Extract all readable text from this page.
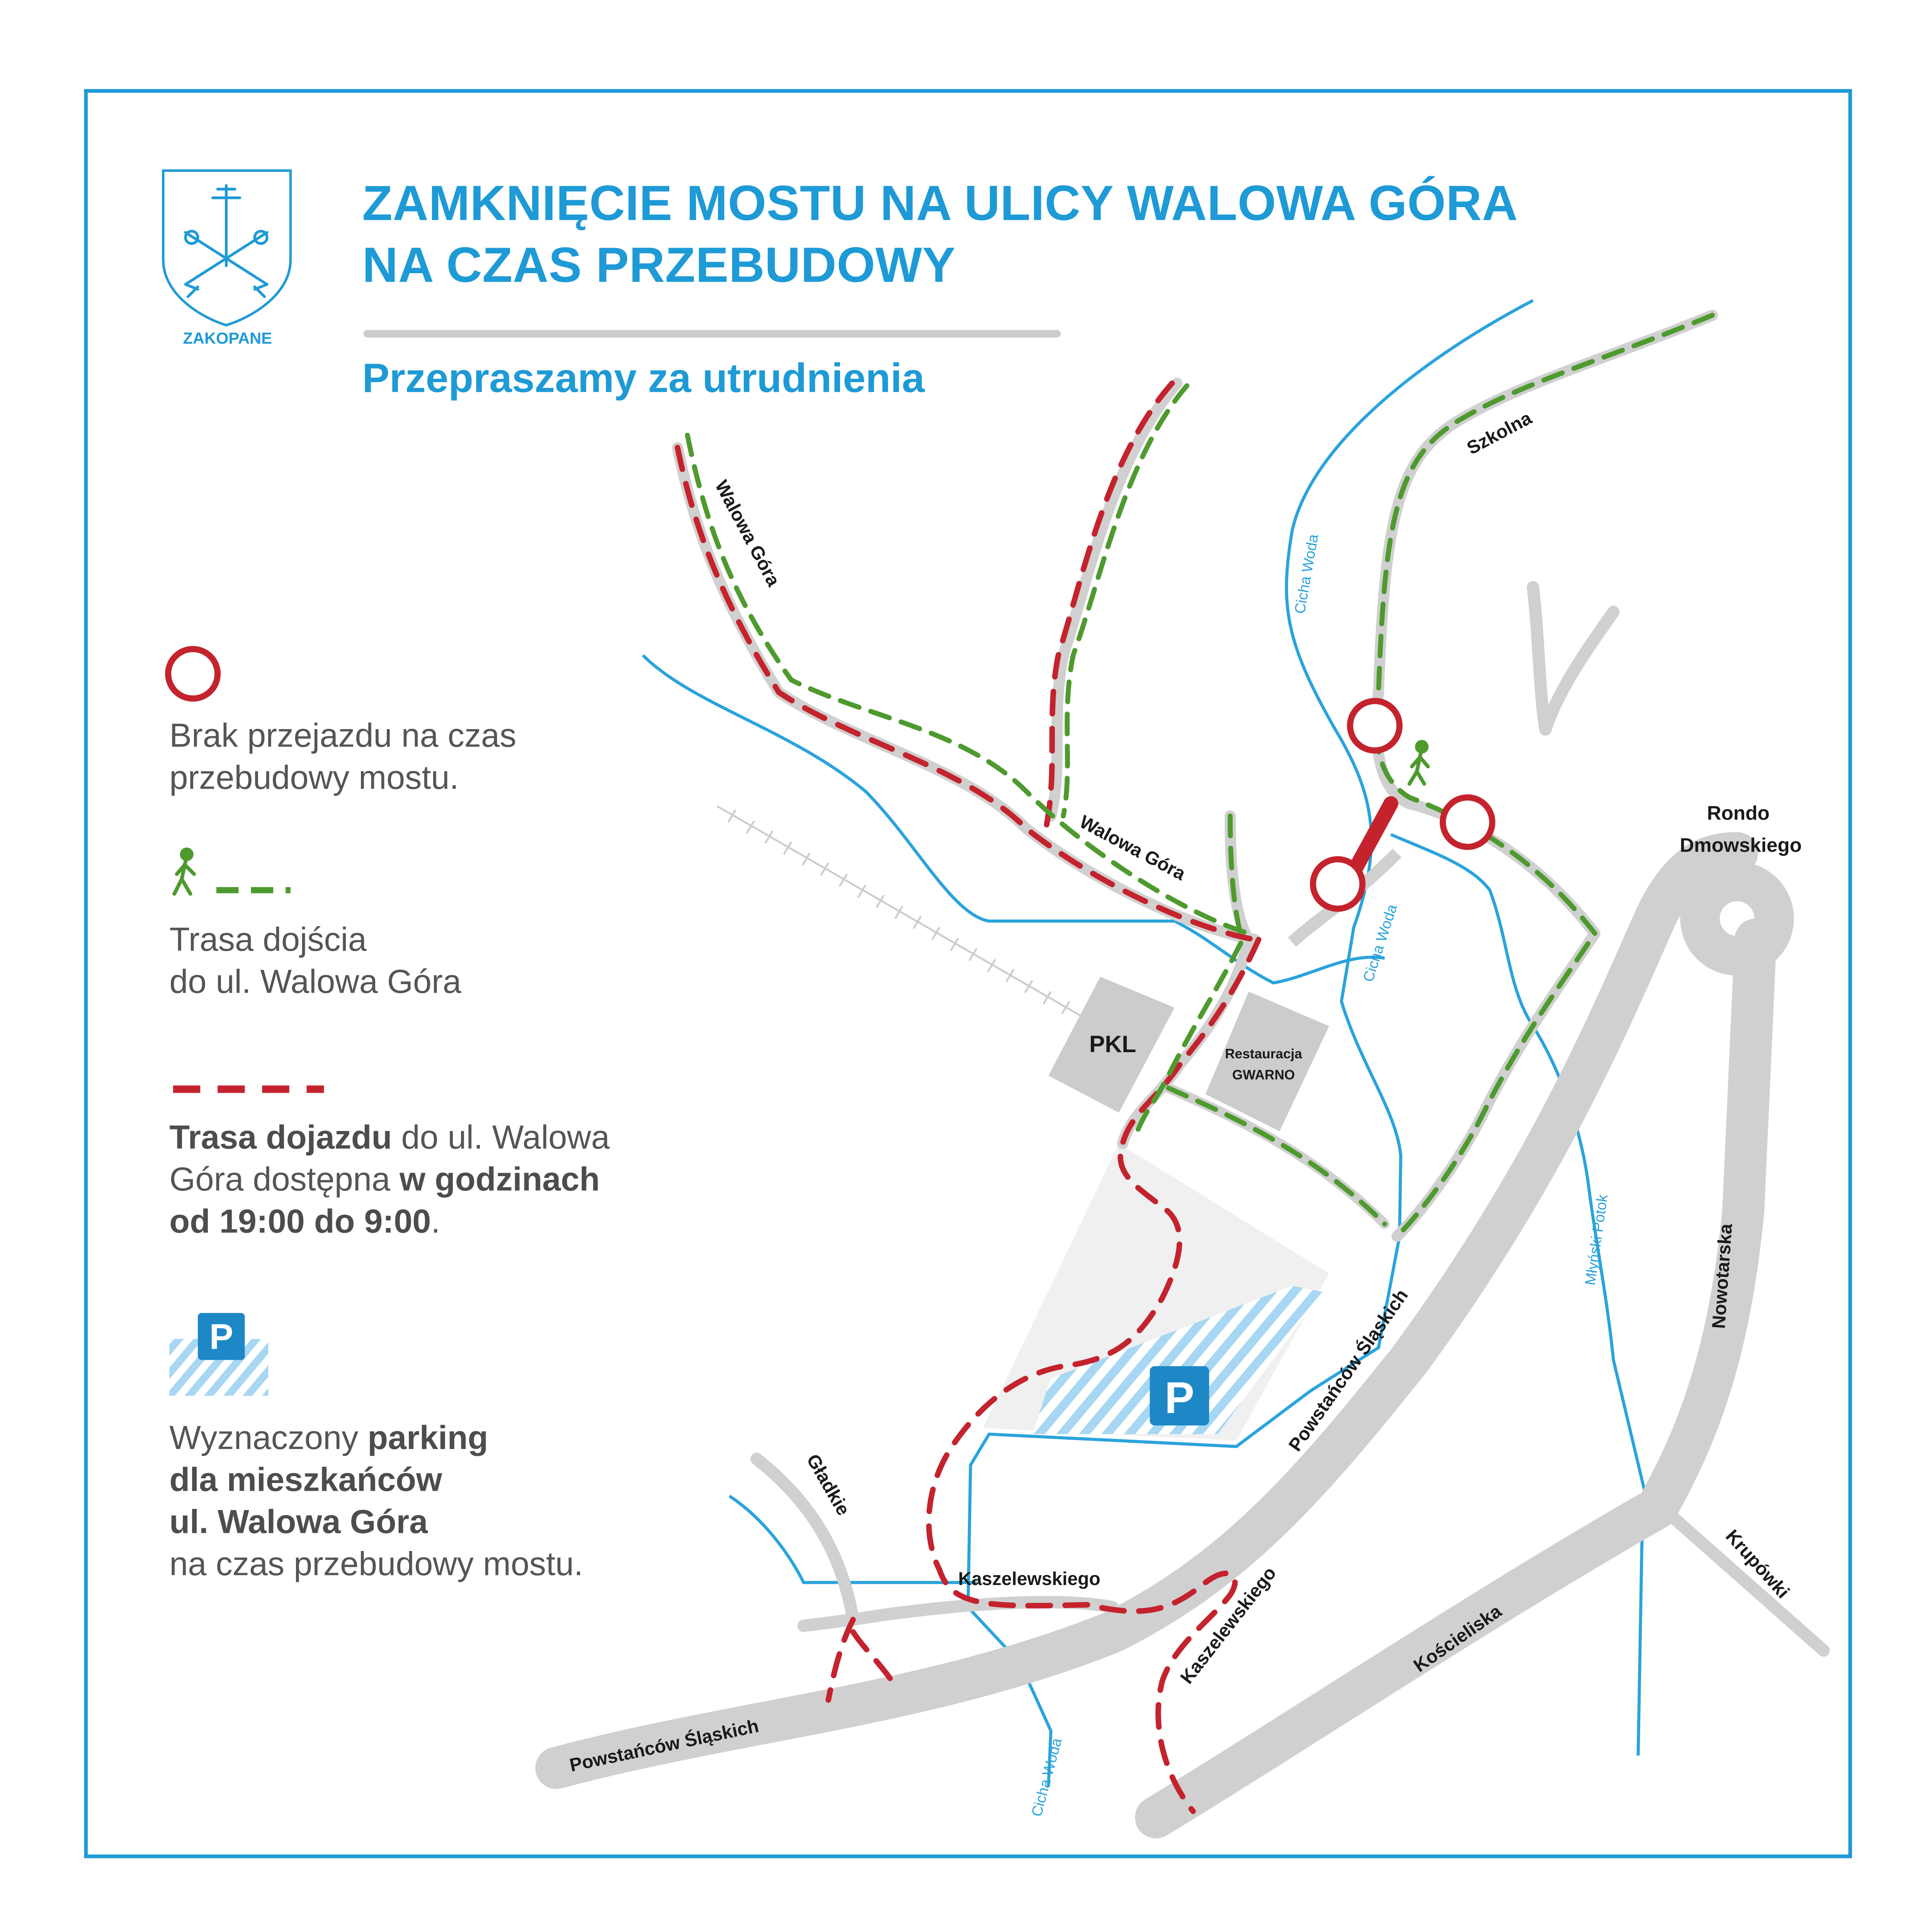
P
Walowa Góra
Walowa Góra
Szkolna
Rondo
Dmowskiego
Nowotarska
Powstańców Śląskich
Powstańców Śląskich
Kościeliska
Krupówki
Kaszelewskiego	Kaszelewskiego
Gładkie
Cicha Woda
Cicha Woda
Cicha Woda
Młyński Potok
PKL	Restauracja
GWARNO
P
ZAKOPANE
ZAMKNIĘCIE MOSTU NA ULICY WALOWA GÓRA
NA CZAS PRZEBUDOWY
Przepraszamy za utrudnienia
Brak przejazdu na czas
przebudowy mostu.
Trasa dojścia
do ul. Walowa Góra
Trasa dojazdu do ul. Walowa
Góra dostępna w godzinach
od 19:00 do 9:00.
Wyznaczony parking
dla mieszkańców
ul. Walowa Góra
na czas przebudowy mostu.
